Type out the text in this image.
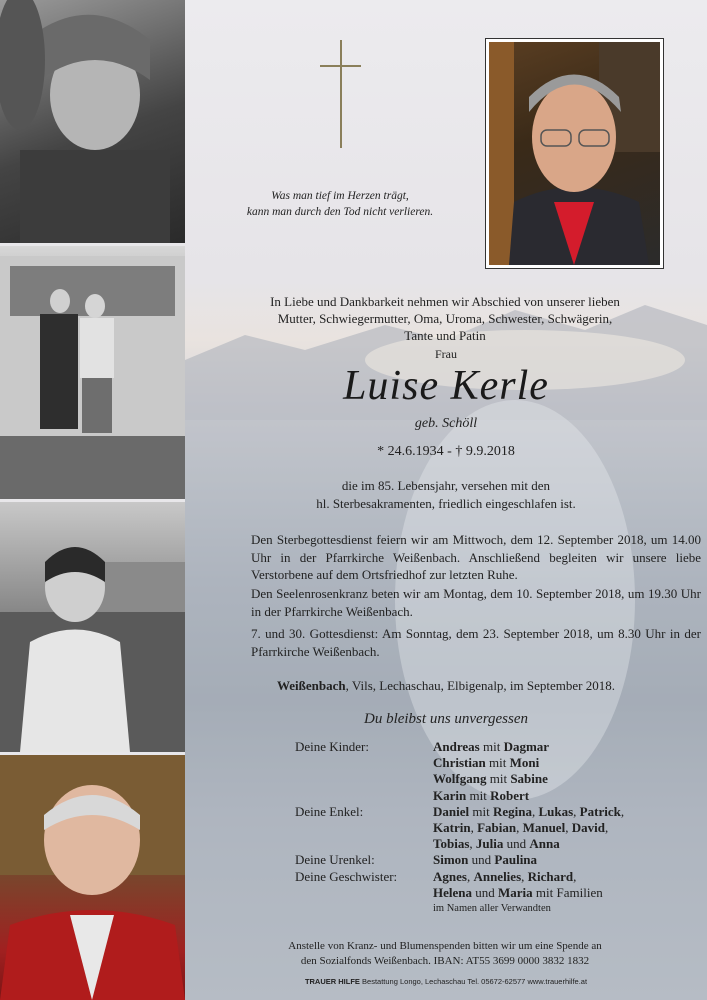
Was man tief im Herzen trägt,
kann man durch den Tod nicht verlieren.
In Liebe und Dankbarkeit nehmen wir Abschied von unserer lieben Mutter, Schwiegermutter, Oma, Uroma, Schwester, Schwägerin, Tante und Patin
Frau
Luise Kerle
geb. Schöll
* 24.6.1934 - † 9.9.2018
die im 85. Lebensjahr, versehen mit den
hl. Sterbesakramenten, friedlich eingeschlafen ist.
Den Sterbegottesdienst feiern wir am Mittwoch, dem 12. September 2018, um 14.00 Uhr in der Pfarrkirche Weißenbach. Anschließend begleiten wir unsere liebe Verstorbene auf dem Ortsfriedhof zur letzten Ruhe.
Den Seelenrosenkranz beten wir am Montag, dem 10. September 2018, um 19.30 Uhr in der Pfarrkirche Weißenbach.
7. und 30. Gottesdienst: Am Sonntag, dem 23. September 2018, um 8.30 Uhr in der Pfarrkirche Weißenbach.
Weißenbach, Vils, Lechaschau, Elbigenalp, im September 2018.
Du bleibst uns unvergessen
Deine Kinder:	Andreas mit Dagmar
Christian mit Moni
Wolfgang mit Sabine
Karin mit Robert
Deine Enkel:	Daniel mit Regina, Lukas, Patrick,
Katrin, Fabian, Manuel, David,
Tobias, Julia und Anna
Deine Urenkel:	Simon und Paulina
Deine Geschwister:	Agnes, Annelies, Richard,
Helena und Maria mit Familien
im Namen aller Verwandten
Anstelle von Kranz- und Blumenspenden bitten wir um eine Spende an
den Sozialfonds Weißenbach. IBAN: AT55 3699 0000 3832 1832
TRAUER HILFE Bestattung Longo, Lechaschau Tel. 05672-62577 www.trauerhilfe.at
